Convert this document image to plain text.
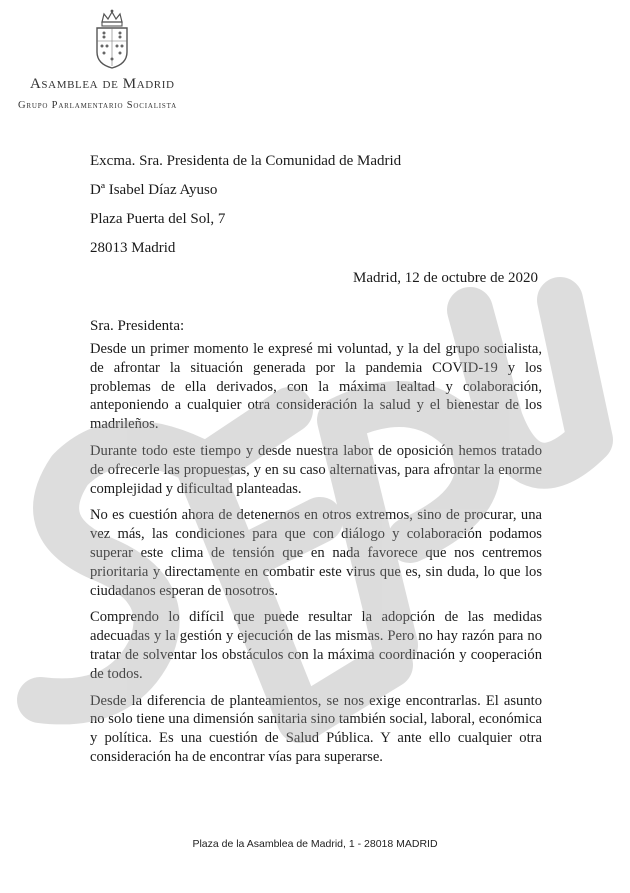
Asamblea de Madrid
Grupo Parlamentario Socialista
Excma. Sra. Presidenta de la Comunidad de Madrid
Dª Isabel Díaz Ayuso
Plaza Puerta del Sol, 7
28013 Madrid
Madrid, 12 de octubre de 2020
Sra. Presidenta:

Desde un primer momento le expresé mi voluntad, y la del grupo socialista, de afrontar la situación generada por la pandemia COVID-19 y los problemas de ella derivados, con la máxima lealtad y colaboración, anteponiendo a cualquier otra consideración la salud y el bienestar de los madrileños.

Durante todo este tiempo y desde nuestra labor de oposición hemos tratado de ofrecerle las propuestas, y en su caso alternativas, para afrontar la enorme complejidad y dificultad planteadas.

No es cuestión ahora de detenernos en otros extremos, sino de procurar, una vez más, las condiciones para que con diálogo y colaboración podamos superar este clima de tensión que en nada favorece que nos centremos prioritaria y directamente en combatir este virus que es, sin duda, lo que los ciudadanos esperan de nosotros.

Comprendo lo difícil que puede resultar la adopción de las medidas adecuadas y la gestión y ejecución de las mismas. Pero no hay razón para no tratar de solventar los obstáculos con la máxima coordinación y cooperación de todos.

Desde la diferencia de planteamientos, se nos exige encontrarlas. El asunto no solo tiene una dimensión sanitaria sino también social, laboral, económica y política. Es una cuestión de Salud Pública. Y ante ello cualquier otra consideración ha de encontrar vías para superarse.

Plaza de la Asamblea de Madrid, 1 - 28018 MADRID
